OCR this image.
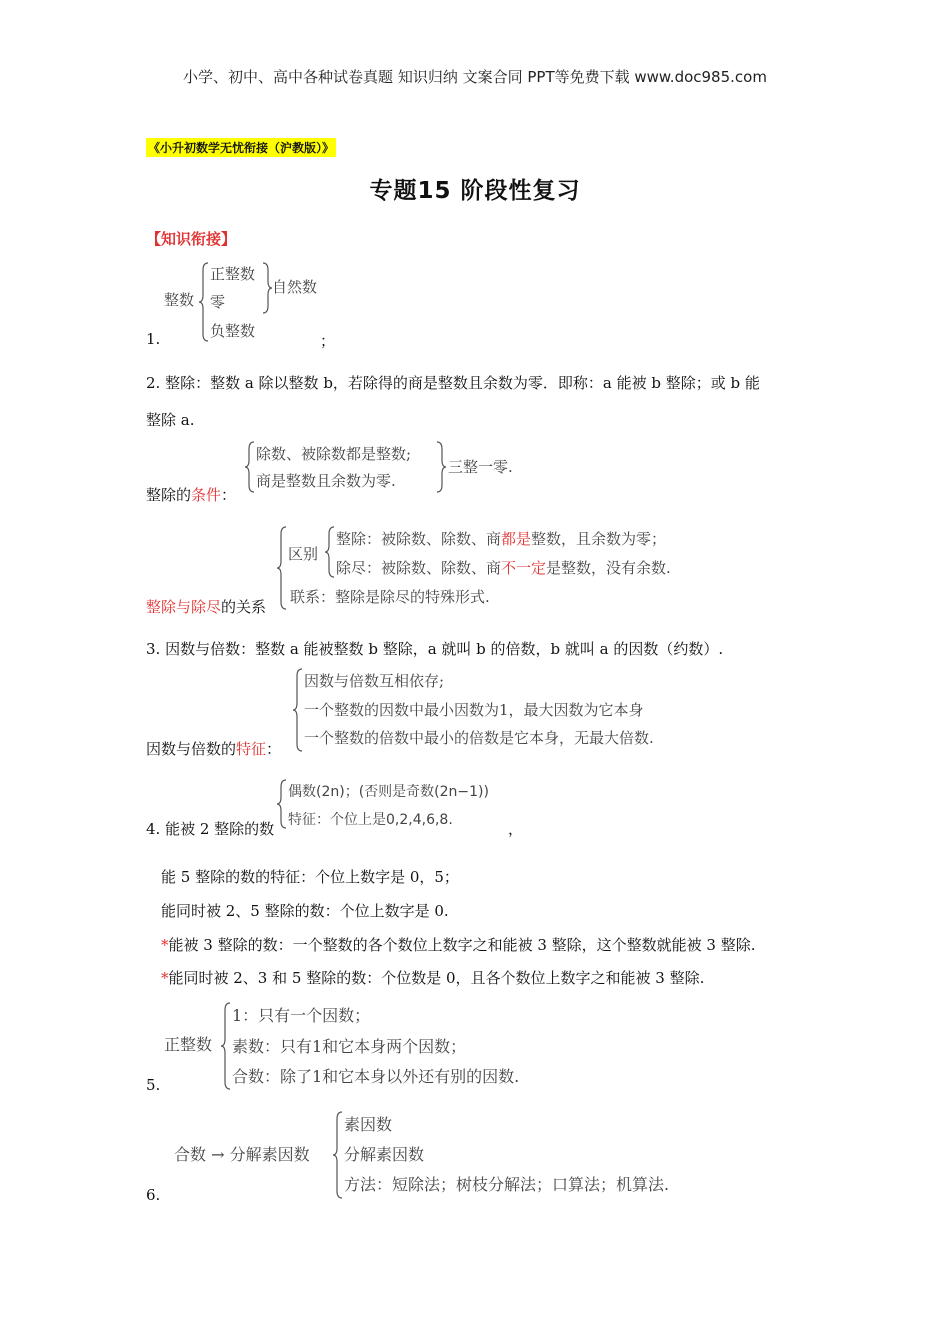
小学、初中、高中各种试卷真题 知识归纳 文案合同 PPT等免费下载 www.doc985.com
《小升初数学无忧衔接（沪教版）》
专题15 阶段性复习
【知识衔接】
整数
正整数
零
负整数
自然数
1.	；
2. 整除：整数 a 除以整数 b，若除得的商是整数且余数为零．即称：a 能被 b 整除；或 b 能
整除 a.
除数、被除数都是整数;
商是整数且余数为零.
三整一零.
整除的条件：
区别
整除：被除数、除数、商都是整数，且余数为零；
除尽：被除数、除数、商不一定是整数，没有余数.
联系：整除是除尽的特殊形式.
整除与除尽的关系
3. 因数与倍数：整数 a 能被整数 b 整除，a 就叫 b 的倍数，b 就叫 a 的因数（约数）.
因数与倍数互相依存;
一个整数的因数中最小因数为1，最大因数为它本身
一个整数的倍数中最小的倍数是它本身，无最大倍数.
因数与倍数的特征：
偶数(2n)；(否则是奇数(2n−1))
特征：个位上是0,2,4,6,8.
4. 能被 2 整除的数	，
能 5 整除的数的特征：个位上数字是 0，5；
能同时被 2、5 整除的数：个位上数字是 0.
*能被 3 整除的数：一个整数的各个数位上数字之和能被 3 整除，这个整数就能被 3 整除.
*能同时被 2、3 和 5 整除的数：个位数是 0，且各个数位上数字之和能被 3 整除.
正整数
1：只有一个因数；
素数：只有1和它本身两个因数；
合数：除了1和它本身以外还有别的因数.
5.
合数 → 分解素因数
素因数
分解素因数
方法：短除法；树枝分解法；口算法；机算法.
6.
